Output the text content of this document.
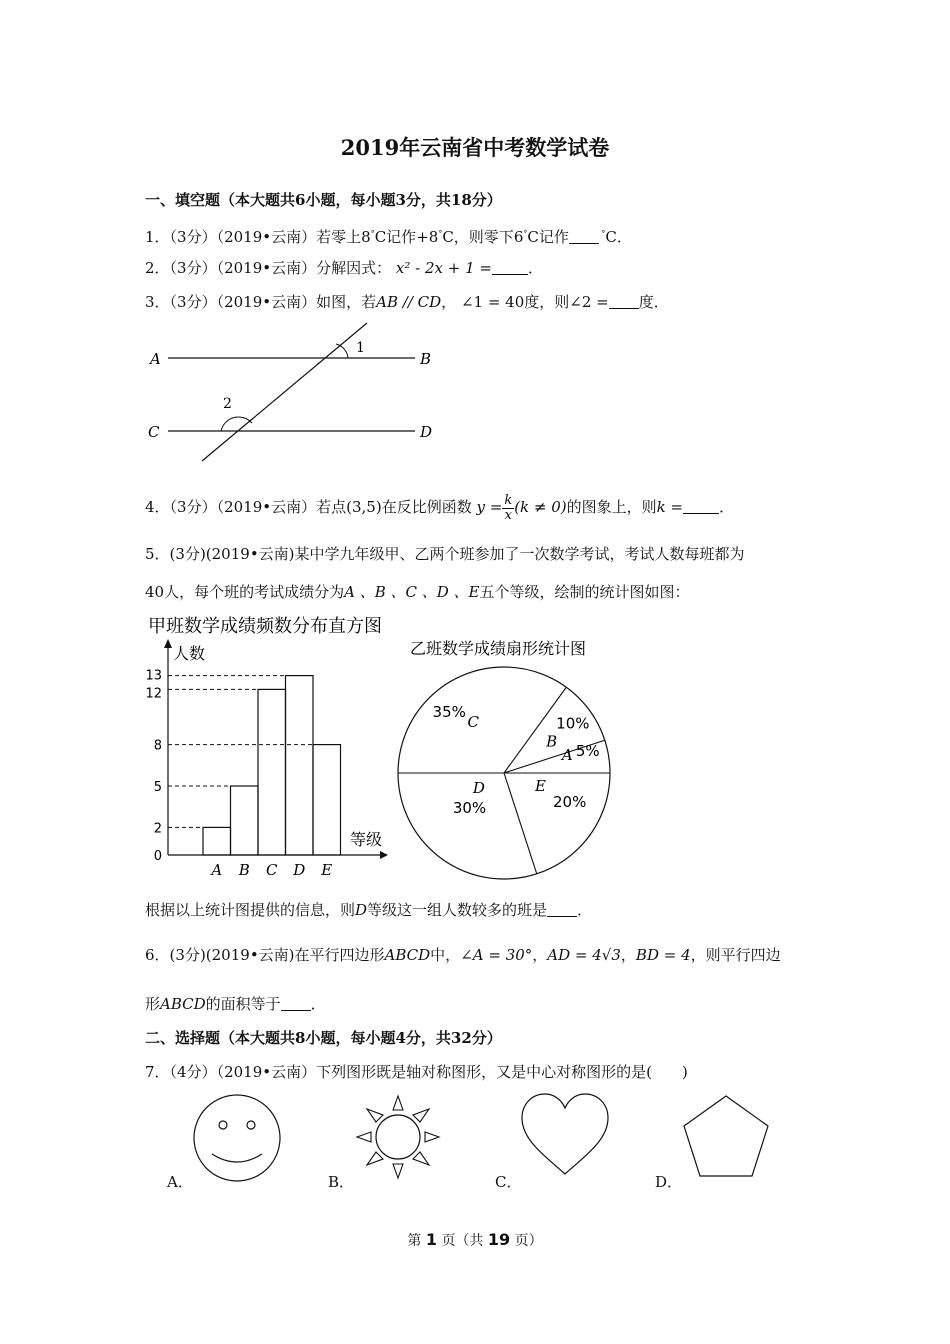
2019年云南省中考数学试卷
一、填空题（本大题共6小题，每小题3分，共18分）
1．（3分）（2019•云南）若零上8°C记作+8°C，则零下6°C记作	°C．
2．（3分）（2019•云南）分解因式： x² - 2x + 1 = ．
3．（3分）（2019•云南）如图，若AB // CD， ∠1 = 40度，则∠2 = 度．
A	B
C	D
1
2
4．（3分）（2019•云南）若点(3,5)在反比例函数 $y = \frac{k}{x} (k \ne 0)$的图象上，则k = ．
5．(3分)(2019•云南)某中学九年级甲、乙两个班参加了一次数学考试，考试人数每班都为
40人，每个班的考试成绩分为A 、B 、C 、D 、E五个等级，绘制的统计图如图：
甲班数学成绩频数分布直方图
人数
等级
A B C D E
0
2
5
8
12
13
乙班数学成绩扇形统计图
C
35%
B
10%
A 5%
E
20%
D
30%
根据以上统计图提供的信息，则D等级这一组人数较多的班是 ．
6．(3分)(2019•云南)在平行四边形ABCD中，∠A = 30°，AD = 4√3，BD = 4，则平行四边
形ABCD的面积等于 ．
二、选择题（本大题共8小题，每小题4分，共32分）
7．（4分）（2019•云南）下列图形既是轴对称图形，又是中心对称图形的是(　　)
A．	B．	C．	D．
第 1 页（共 19 页）
